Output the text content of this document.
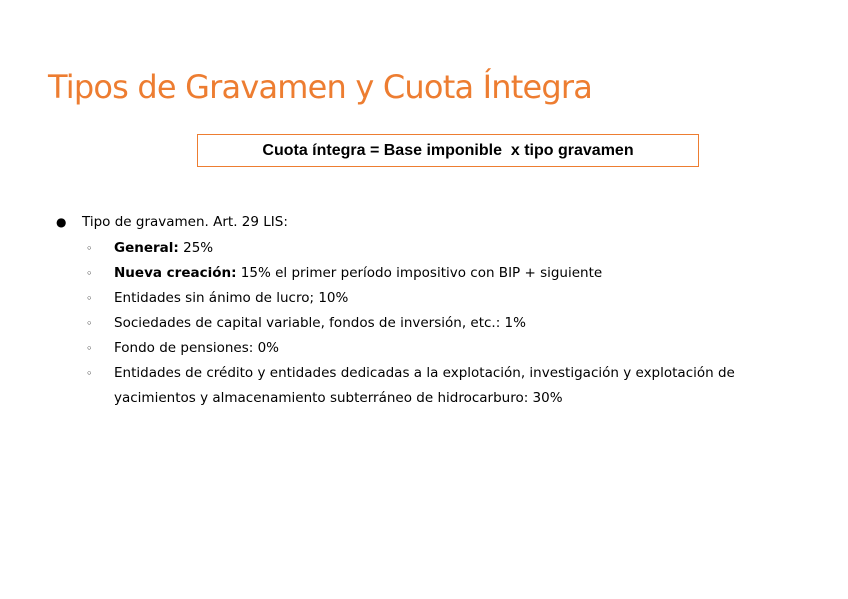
Tipos de Gravamen y Cuota Íntegra
Cuota íntegra = Base imponible  x tipo gravamen
●	Tipo de gravamen. Art. 29 LIS:
◦	General: 25%
◦	Nueva creación: 15% el primer período impositivo con BIP + siguiente
◦	Entidades sin ánimo de lucro; 10%
◦	Sociedades de capital variable, fondos de inversión, etc.: 1%
◦	Fondo de pensiones: 0%
◦	Entidades de crédito y entidades dedicadas a la explotación, investigación y explotación de yacimientos y almacenamiento subterráneo de hidrocarburo: 30%
